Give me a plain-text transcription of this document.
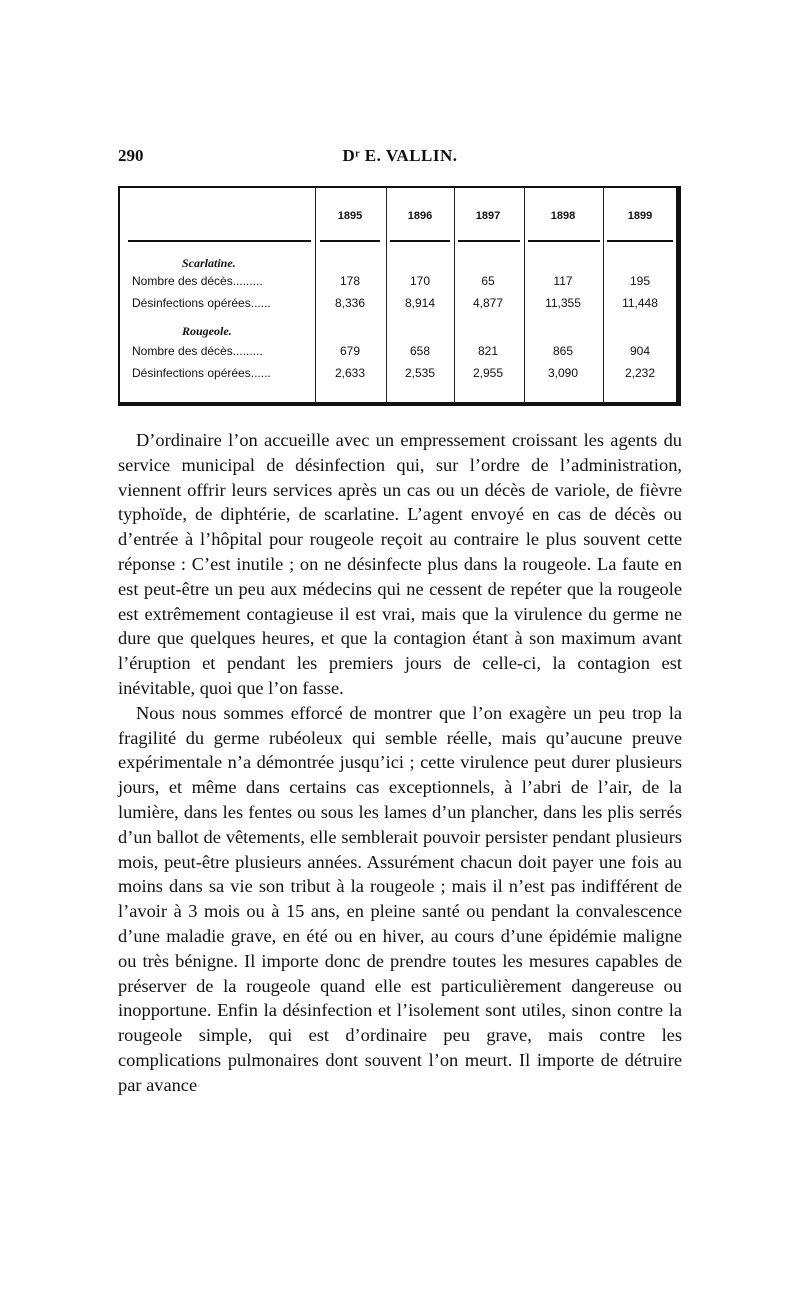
290	Dʳ E. VALLIN.
1895	1896	1897	1898	1899
Scarlatine.
Nombre des décès.........	178	170	65	117	195
Désinfections opérées......	8,336	8,914	4,877	11,355	11,448
Rougeole.
Nombre des décès.........	679	658	821	865	904
Désinfections opérées......	2,633	2,535	2,955	3,090	2,232

D’ordinaire l’on accueille avec un empressement croissant les agents du service municipal de désinfection qui, sur l’ordre de l’administration, viennent offrir leurs services après un cas ou un décès de variole, de fièvre typhoïde, de diphtérie, de scarlatine. L’agent envoyé en cas de décès ou d’entrée à l’hôpital pour rougeole reçoit au contraire le plus souvent cette réponse : C’est inutile ; on ne désinfecte plus dans la rougeole. La faute en est peut-être un peu aux médecins qui ne cessent de repéter que la rougeole est extrêmement contagieuse il est vrai, mais que la virulence du germe ne dure que quelques heures, et que la contagion étant à son maximum avant l’éruption et pendant les premiers jours de celle-ci, la contagion est inévitable, quoi que l’on fasse.

Nous nous sommes efforcé de montrer que l’on exagère un peu trop la fragilité du germe rubéoleux qui semble réelle, mais qu’aucune preuve expérimentale n’a démontrée jusqu’ici ; cette virulence peut durer plusieurs jours, et même dans certains cas exceptionnels, à l’abri de l’air, de la lumière, dans les fentes ou sous les lames d’un plancher, dans les plis serrés d’un ballot de vêtements, elle semblerait pouvoir persister pendant plusieurs mois, peut-être plusieurs années. Assurément chacun doit payer une fois au moins dans sa vie son tribut à la rougeole ; mais il n’est pas indifférent de l’avoir à 3 mois ou à 15 ans, en pleine santé ou pendant la convalescence d’une maladie grave, en été ou en hiver, au cours d’une épidémie maligne ou très bénigne. Il importe donc de prendre toutes les mesures capables de préserver de la rougeole quand elle est particulièrement dangereuse ou inopportune. Enfin la désinfection et l’isolement sont utiles, sinon contre la rougeole simple, qui est d’ordinaire peu grave, mais contre les complications pulmonaires dont souvent l’on meurt. Il importe de détruire par avance
